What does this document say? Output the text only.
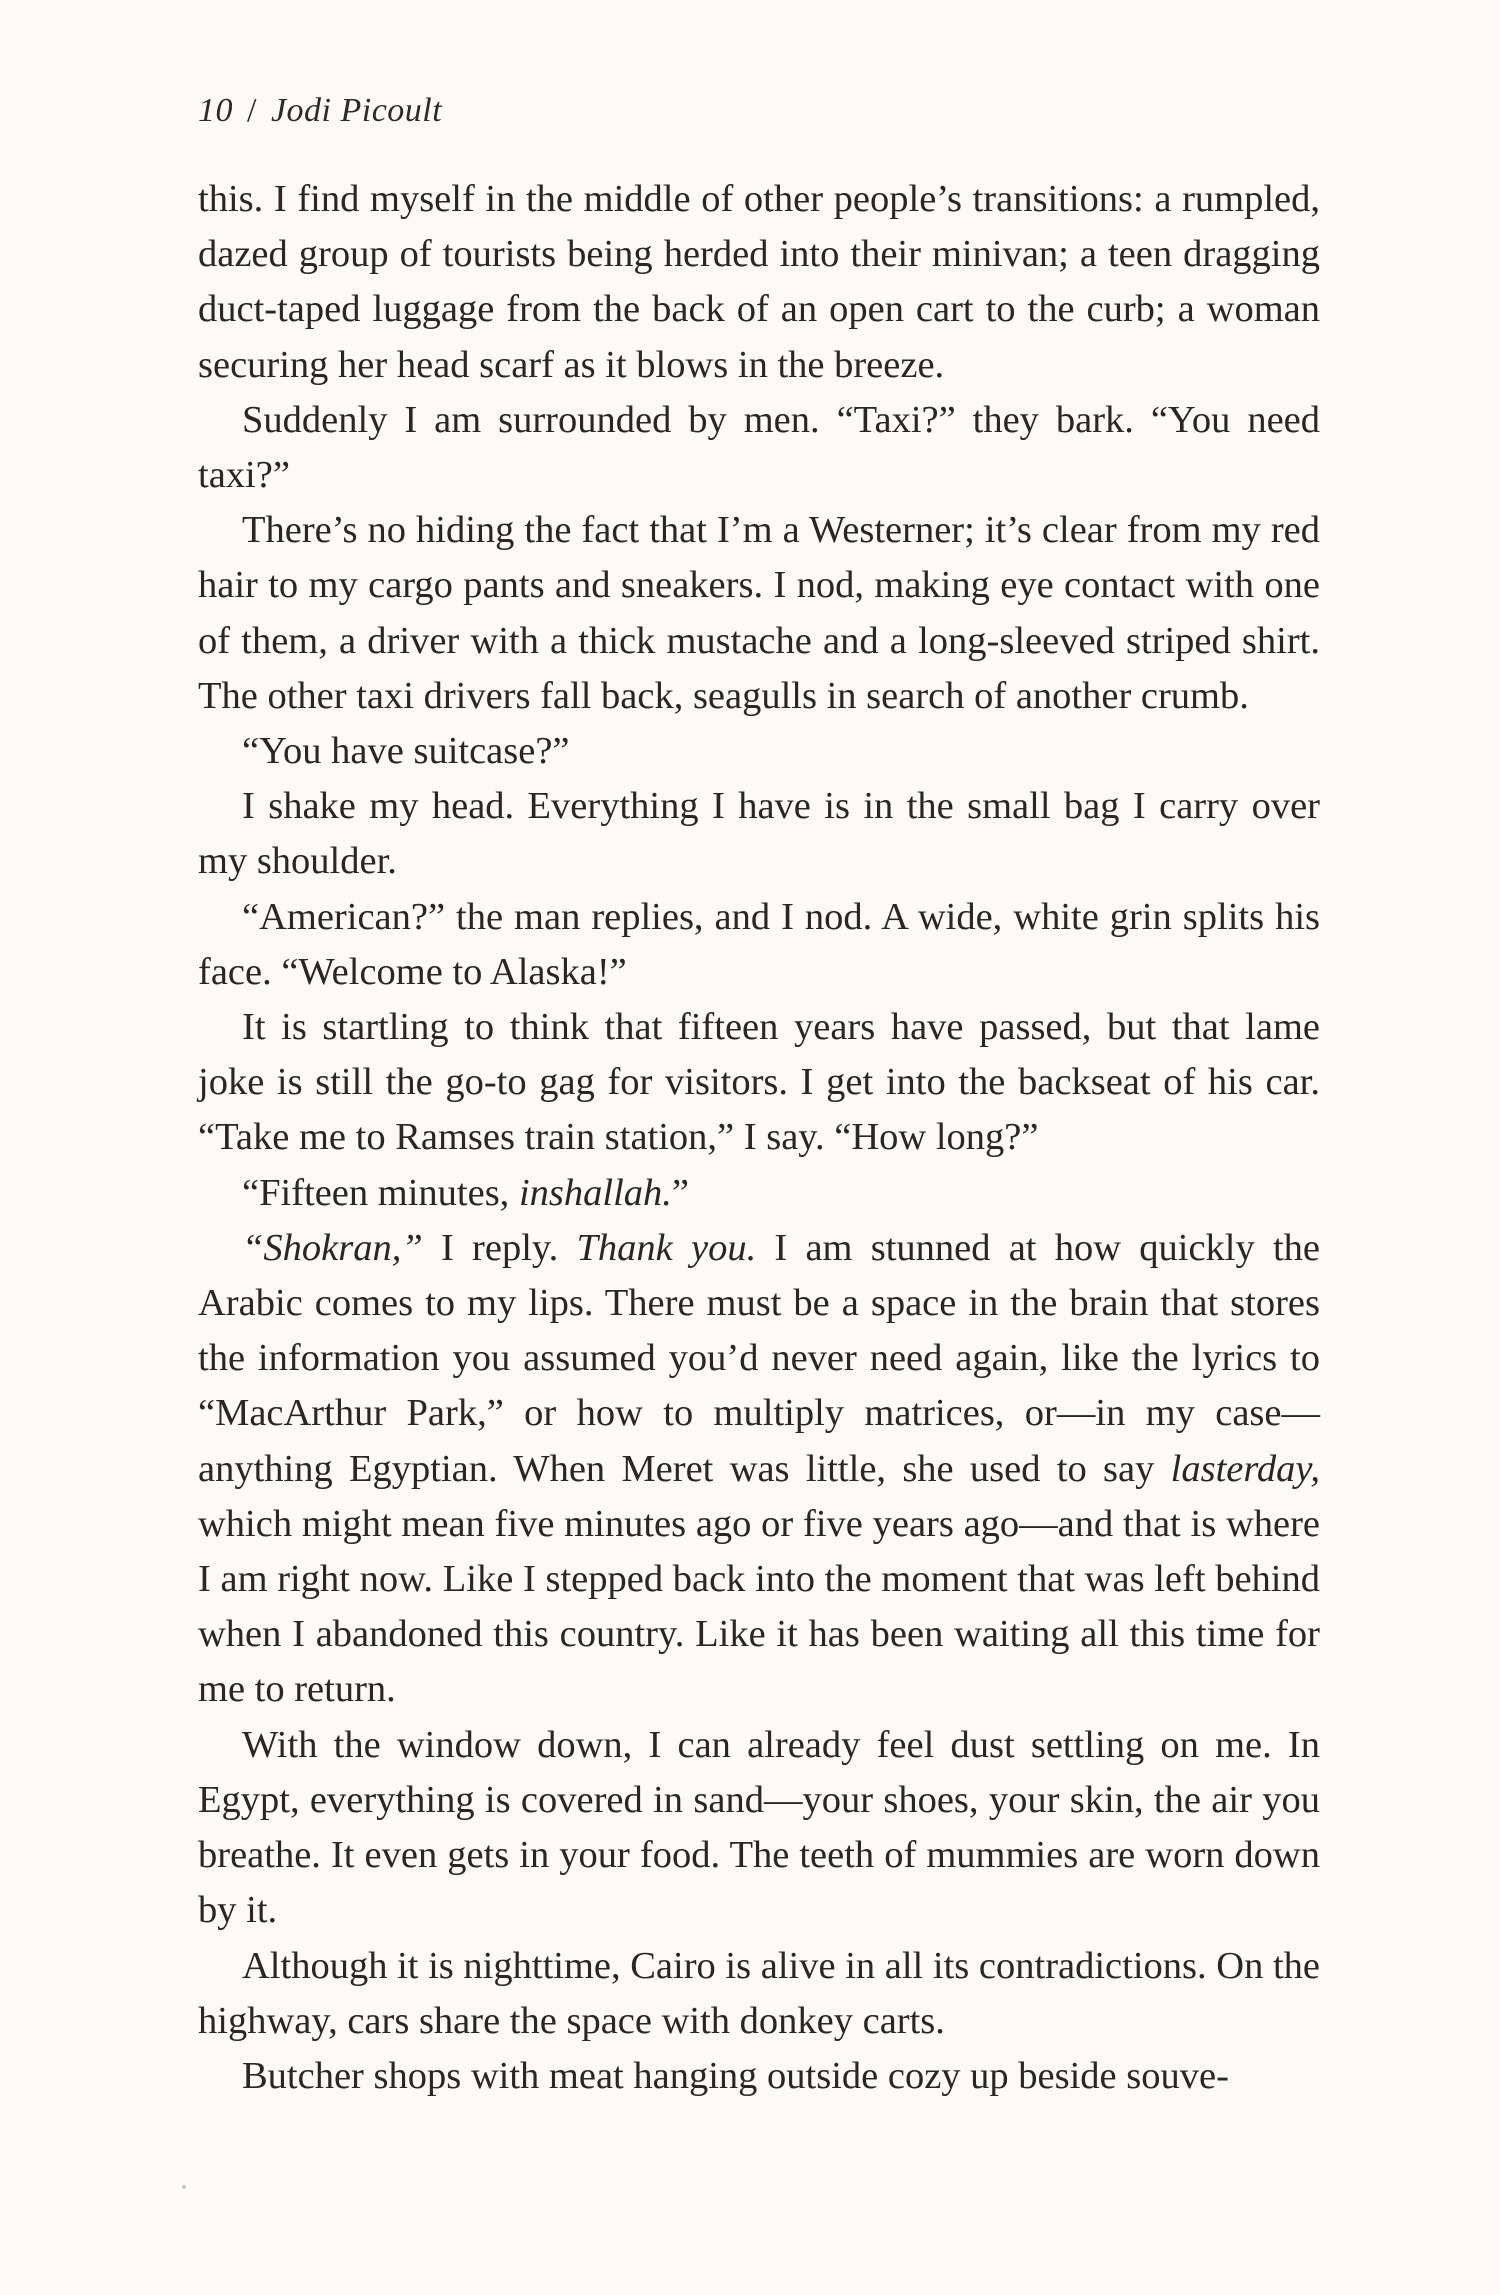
10 / Jodi Picoult

this. I find myself in the middle of other people’s transitions: a rumpled, dazed group of tourists being herded into their minivan; a teen dragging duct-taped luggage from the back of an open cart to the curb; a woman securing her head scarf as it blows in the breeze.

Suddenly I am surrounded by men. “Taxi?” they bark. “You need taxi?”

There’s no hiding the fact that I’m a Westerner; it’s clear from my red hair to my cargo pants and sneakers. I nod, making eye contact with one of them, a driver with a thick mustache and a long-sleeved striped shirt. The other taxi drivers fall back, seagulls in search of another crumb.

“You have suitcase?”

I shake my head. Everything I have is in the small bag I carry over my shoulder.

“American?” the man replies, and I nod. A wide, white grin splits his face. “Welcome to Alaska!”

It is startling to think that fifteen years have passed, but that lame joke is still the go-to gag for visitors. I get into the backseat of his car. “Take me to Ramses train station,” I say. “How long?”

“Fifteen minutes, inshallah.”

“Shokran,” I reply. Thank you. I am stunned at how quickly the Arabic comes to my lips. There must be a space in the brain that stores the information you assumed you’d never need again, like the lyrics to “MacArthur Park,” or how to multiply matrices, or—in my case—anything Egyptian. When Meret was little, she used to say lasterday, which might mean five minutes ago or five years ago—and that is where I am right now. Like I stepped back into the moment that was left behind when I abandoned this country. Like it has been waiting all this time for me to return.

With the window down, I can already feel dust settling on me. In Egypt, everything is covered in sand—your shoes, your skin, the air you breathe. It even gets in your food. The teeth of mummies are worn down by it.

Although it is nighttime, Cairo is alive in all its contradictions. On the highway, cars share the space with donkey carts.

Butcher shops with meat hanging outside cozy up beside souve-
